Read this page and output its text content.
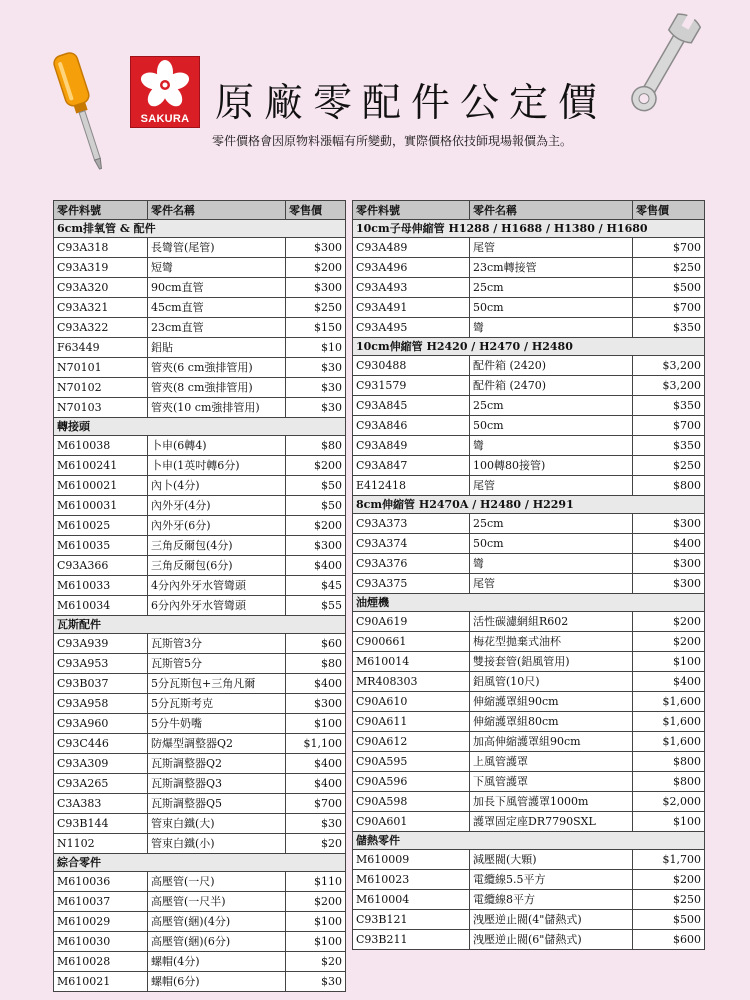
SAKURA 原廠零配件公定價
零件價格會因原物料漲幅有所變動，實際價格依技師現場報價為主。
零件料號	零件名稱	零售價
6cm排氧管 & 配件		
C93A318	長彎管(尾管)	$300
C93A319	短彎	$200
C93A320	90cm直管	$300
C93A321	45cm直管	$250
C93A322	23cm直管	$150
F63449	鋁貼	$10
N70101	管夾(6 cm強排管用)	$30
N70102	管夾(8 cm強排管用)	$30
N70103	管夾(10 cm強排管用)	$30
轉接頭		
M610038	卜申(6轉4)	$80
M6100241	卜申(1英吋轉6分)	$200
M6100021	內卜(4分)	$50
M6100031	內外牙(4分)	$50
M610025	內外牙(6分)	$200
M610035	三角反爾包(4分)	$300
C93A366	三角反爾包(6分)	$400
M610033	4分內外牙水管彎頭	$45
M610034	6分內外牙水管彎頭	$55
瓦斯配件		
C93A939	瓦斯管3分	$60
C93A953	瓦斯管5分	$80
C93B037	5分瓦斯包+三角凡爾	$400
C93A958	5分瓦斯考克	$300
C93A960	5分牛奶嘴	$100
C93C446	防爆型調整器Q2	$1,100
C93A309	瓦斯調整器Q2	$400
C93A265	瓦斯調整器Q3	$400
C3A383	瓦斯調整器Q5	$700
C93B144	管束白鐵(大)	$30
N1102	管束白鐵(小)	$20
綜合零件		
M610036	高壓管(一尺)	$110
M610037	高壓管(一尺半)	$200
M610029	高壓管(綑)(4分)	$100
M610030	高壓管(綑)(6分)	$100
M610028	螺帽(4分)	$20
M610021	螺帽(6分)	$30
零件料號	零件名稱	零售價
10cm子母伸縮管 H1288 / H1688 / H1380 / H1680		
C93A489	尾管	$700
C93A496	23cm轉接管	$250
C93A493	25cm	$500
C93A491	50cm	$700
C93A495	彎	$350
10cm伸縮管 H2420 / H2470 / H2480		
C930488	配件箱 (2420)	$3,200
C931579	配件箱 (2470)	$3,200
C93A845	25cm	$350
C93A846	50cm	$700
C93A849	彎	$350
C93A847	100轉80接管)	$250
E412418	尾管	$800
8cm伸縮管 H2470A / H2480 / H2291		
C93A373	25cm	$300
C93A374	50cm	$400
C93A376	彎	$300
C93A375	尾管	$300
油煙機		
C90A619	活性碳濾網組R602	$200
C900661	梅花型拋棄式油杯	$200
M610014	雙接套管(鋁風管用)	$100
MR408303	鋁風管(10尺)	$400
C90A610	伸縮護罩組90cm	$1,600
C90A611	伸縮護罩組80cm	$1,600
C90A612	加高伸縮護罩組90cm	$1,600
C90A595	上風管護罩	$800
C90A596	下風管護罩	$800
C90A598	加長下風管護罩1000m	$2,000
C90A601	護罩固定座DR7790SXL	$100
儲熱零件		
M610009	減壓閥(大顆)	$1,700
M610023	電纜線5.5平方	$200
M610004	電纜線8平方	$250
C93B121	洩壓逆止閥(4"儲熱式)	$500
C93B211	洩壓逆止閥(6"儲熱式)	$600
